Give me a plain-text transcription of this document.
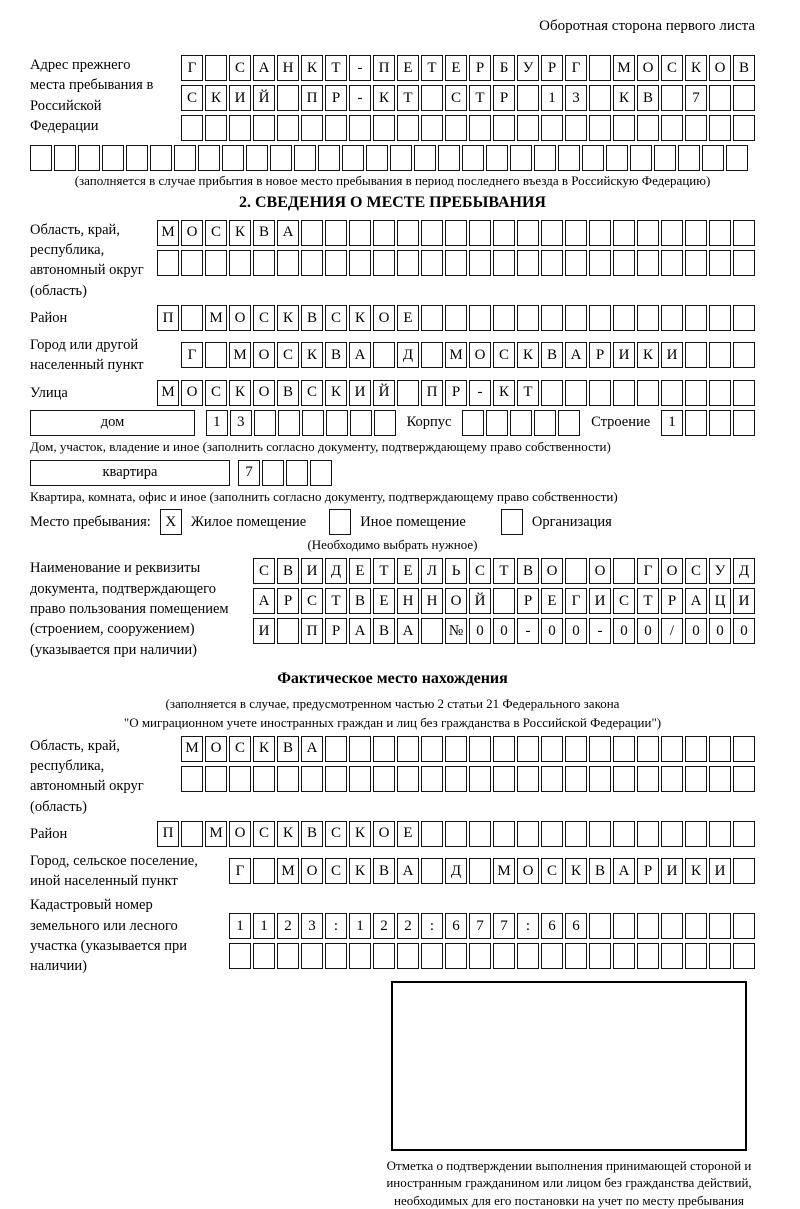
Оборотная сторона первого листа
Адрес прежнего места пребывания в Российской Федерации
Г	С А Н К Т	-	П Е Т Е	Р	Б У Р	Г	М О С К О В
С К И Й	П Р	-	К Т	С Т	Р	1	3	К В	7
(заполняется в случае прибытия в новое место пребывания в период последнего въезда в Российскую Федерацию)
2. СВЕДЕНИЯ О МЕСТЕ ПРЕБЫВАНИЯ
Область, край, республика, автономный округ (область)
М О С К В А
Район	П	М О С К В С К О Е
Город или другой населенный пункт
Г	М О С К В А	Д	М О С К В А Р И К И
Улица	М О С К О В С К И Й	П Р	-	К Т
дом	1	3	Корпус	Строение	1
Дом, участок, владение и иное (заполнить согласно документу, подтверждающему право собственности)
квартира	7
Квартира, комната, офис и иное (заполнить согласно документу, подтверждающему право собственности)
Место пребывания: X	Жилое помещение	Иное помещение	Организация
(Необходимо выбрать нужное)
Наименование и реквизиты документа, подтверждающего право пользования помещением (строением, сооружением) (указывается при наличии)
С В И Д Е Т Е Л Ь С Т В О	О	Г О С У Д
А Р С Т В Е Н Н О Й	Р	Е	Г И С Т	Р А Ц И
И	П Р А В А	№ 0	0	-	0	0	-	0	0	/	0	0	0
Фактическое место нахождения
(заполняется в случае, предусмотренном частью 2 статьи 21 Федерального закона
"О миграционном учете иностранных граждан и лиц без гражданства в Российской Федерации")
Область, край, республика, автономный округ (область)
М О С К В А
Район	П	М О С К В С К О Е
Город, сельское поселение, иной населенный пункт
Г	М О С К В А	Д	М О С К В А Р И К И
Кадастровый номер земельного или лесного участка (указывается при наличии)
1	1	2	3	:	1	2	2	:	6	7	7	:	6	6
Отметка о подтверждении выполнения принимающей стороной и иностранным гражданином или лицом без гражданства действий, необходимых для его постановки на учет по месту пребывания
